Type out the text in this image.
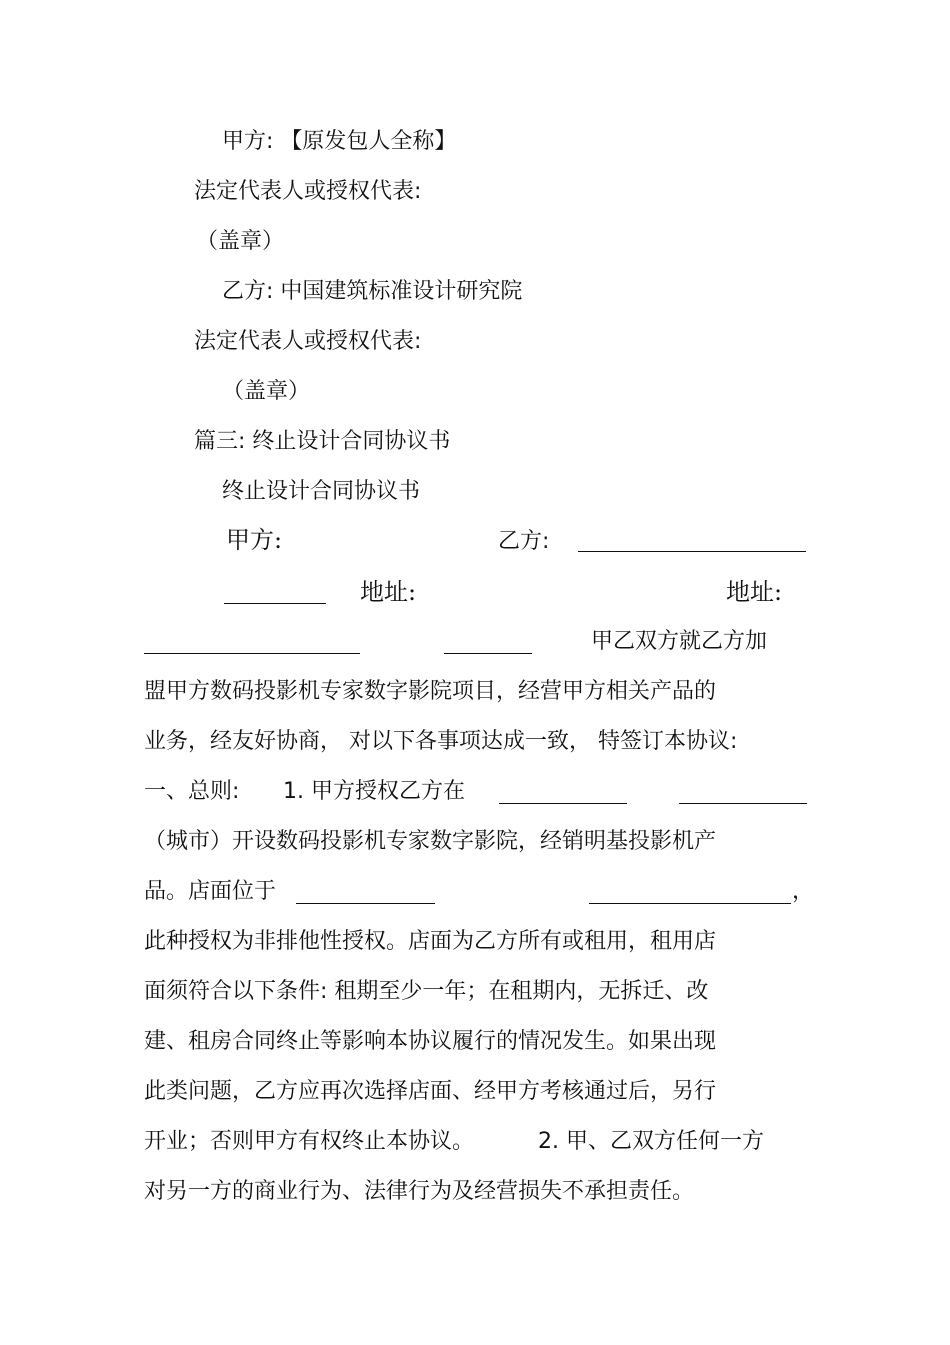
甲方: 【原发包人全称】
法定代表人或授权代表:
（盖章）
乙方: 中国建筑标准设计研究院
法定代表人或授权代表:
（盖章）
篇三: 终止设计合同协议书
终止设计合同协议书
甲方:	乙方:
地址:	地址:
甲乙双方就乙方加
盟甲方数码投影机专家数字影院项目，经营甲方相关产品的
业务，经友好协商， 对以下各事项达成一致， 特签订本协议:
一、总则: 1. 甲方授权乙方在
（城市）开设数码投影机专家数字影院，经销明基投影机产
品。店面位于	，
此种授权为非排他性授权。店面为乙方所有或租用，租用店
面须符合以下条件: 租期至少一年；在租期内，无拆迁、改
建、租房合同终止等影响本协议履行的情况发生。如果出现
此类问题，乙方应再次选择店面、经甲方考核通过后，另行
开业；否则甲方有权终止本协议。	2. 甲、乙双方任何一方
对另一方的商业行为、法律行为及经营损失不承担责任。
